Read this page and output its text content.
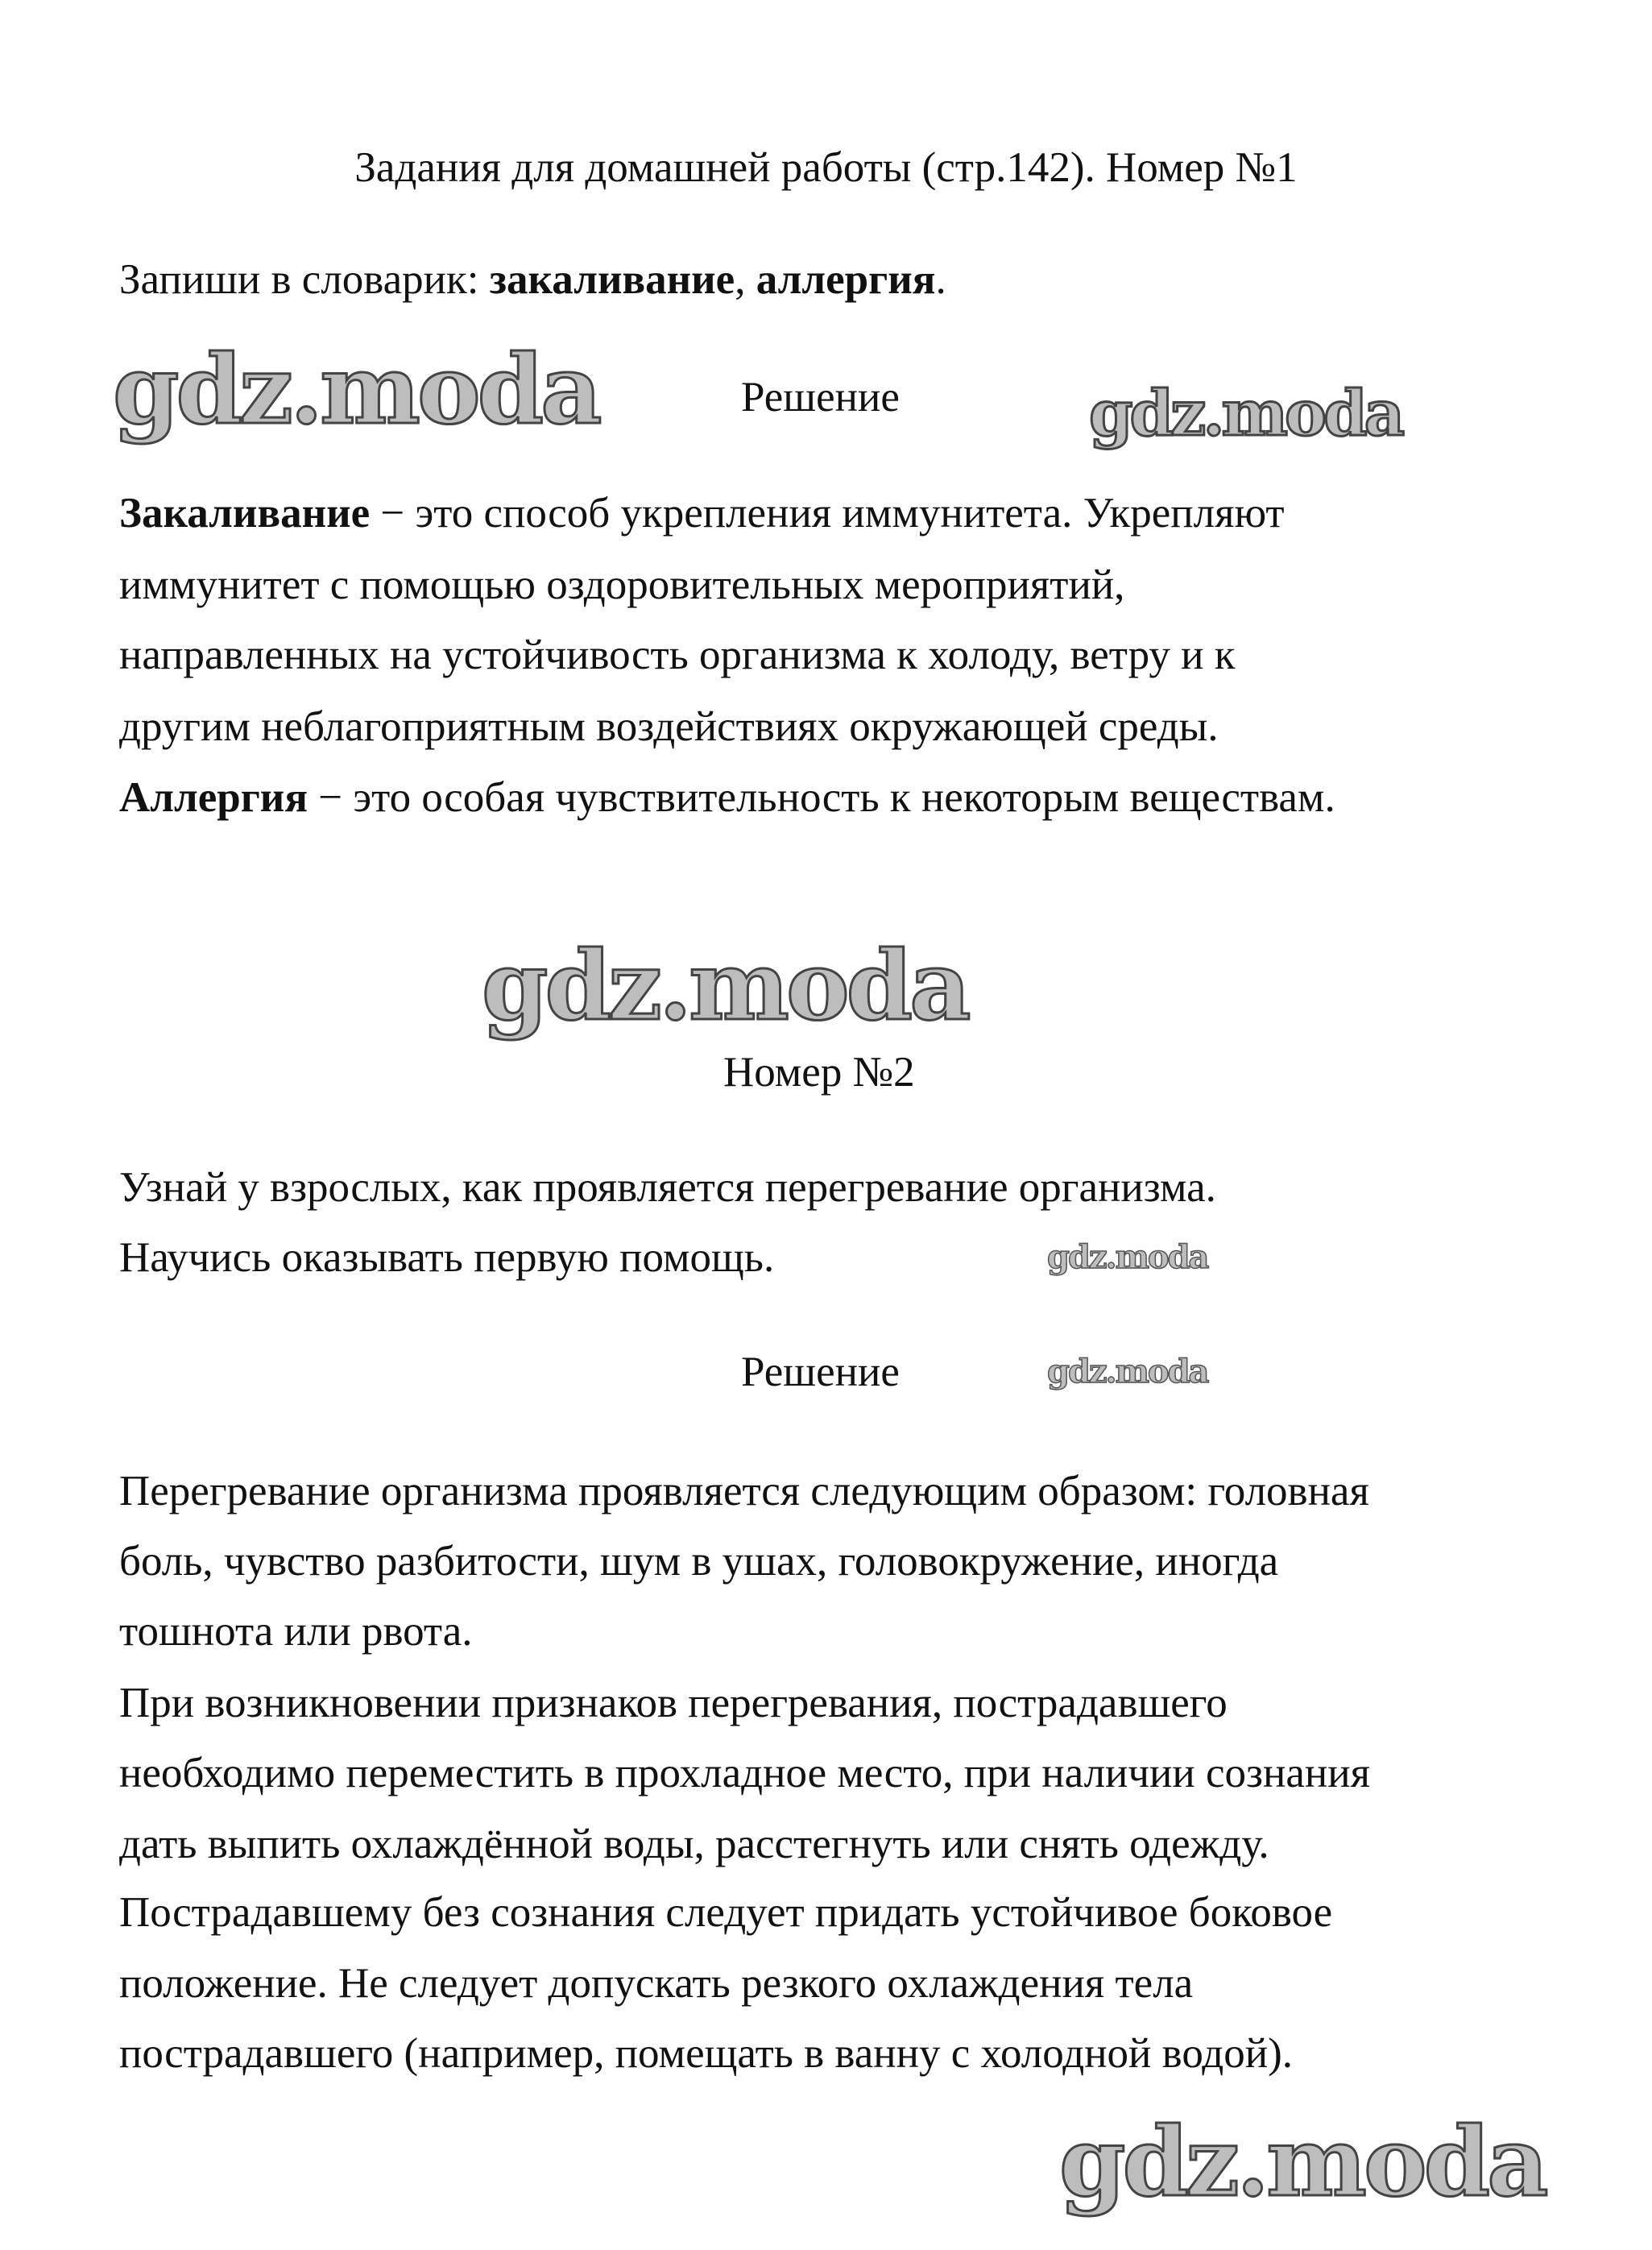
Задания для домашней работы (стр.142). Номер №1
Запиши в словарик: закаливание, аллергия.
gdz.moda	Решение	gdz.moda
Закаливание − это способ укрепления иммунитета. Укрепляют
иммунитет с помощью оздоровительных мероприятий,
направленных на устойчивость организма к холоду, ветру и к
другим неблагоприятным воздействиях окружающей среды.
Аллергия − это особая чувствительность к некоторым веществам.
gdz.moda
Номер №2
Узнай у взрослых, как проявляется перегревание организма.
Научись оказывать первую помощь.	gdz.moda
Решение	gdz.moda
Перегревание организма проявляется следующим образом: головная
боль, чувство разбитости, шум в ушах, головокружение, иногда
тошнота или рвота.
При возникновении признаков перегревания, пострадавшего
необходимо переместить в прохладное место, при наличии сознания
дать выпить охлаждённой воды, расстегнуть или снять одежду.
Пострадавшему без сознания следует придать устойчивое боковое
положение. Не следует допускать резкого охлаждения тела
пострадавшего (например, помещать в ванну с холодной водой).
gdz.moda
